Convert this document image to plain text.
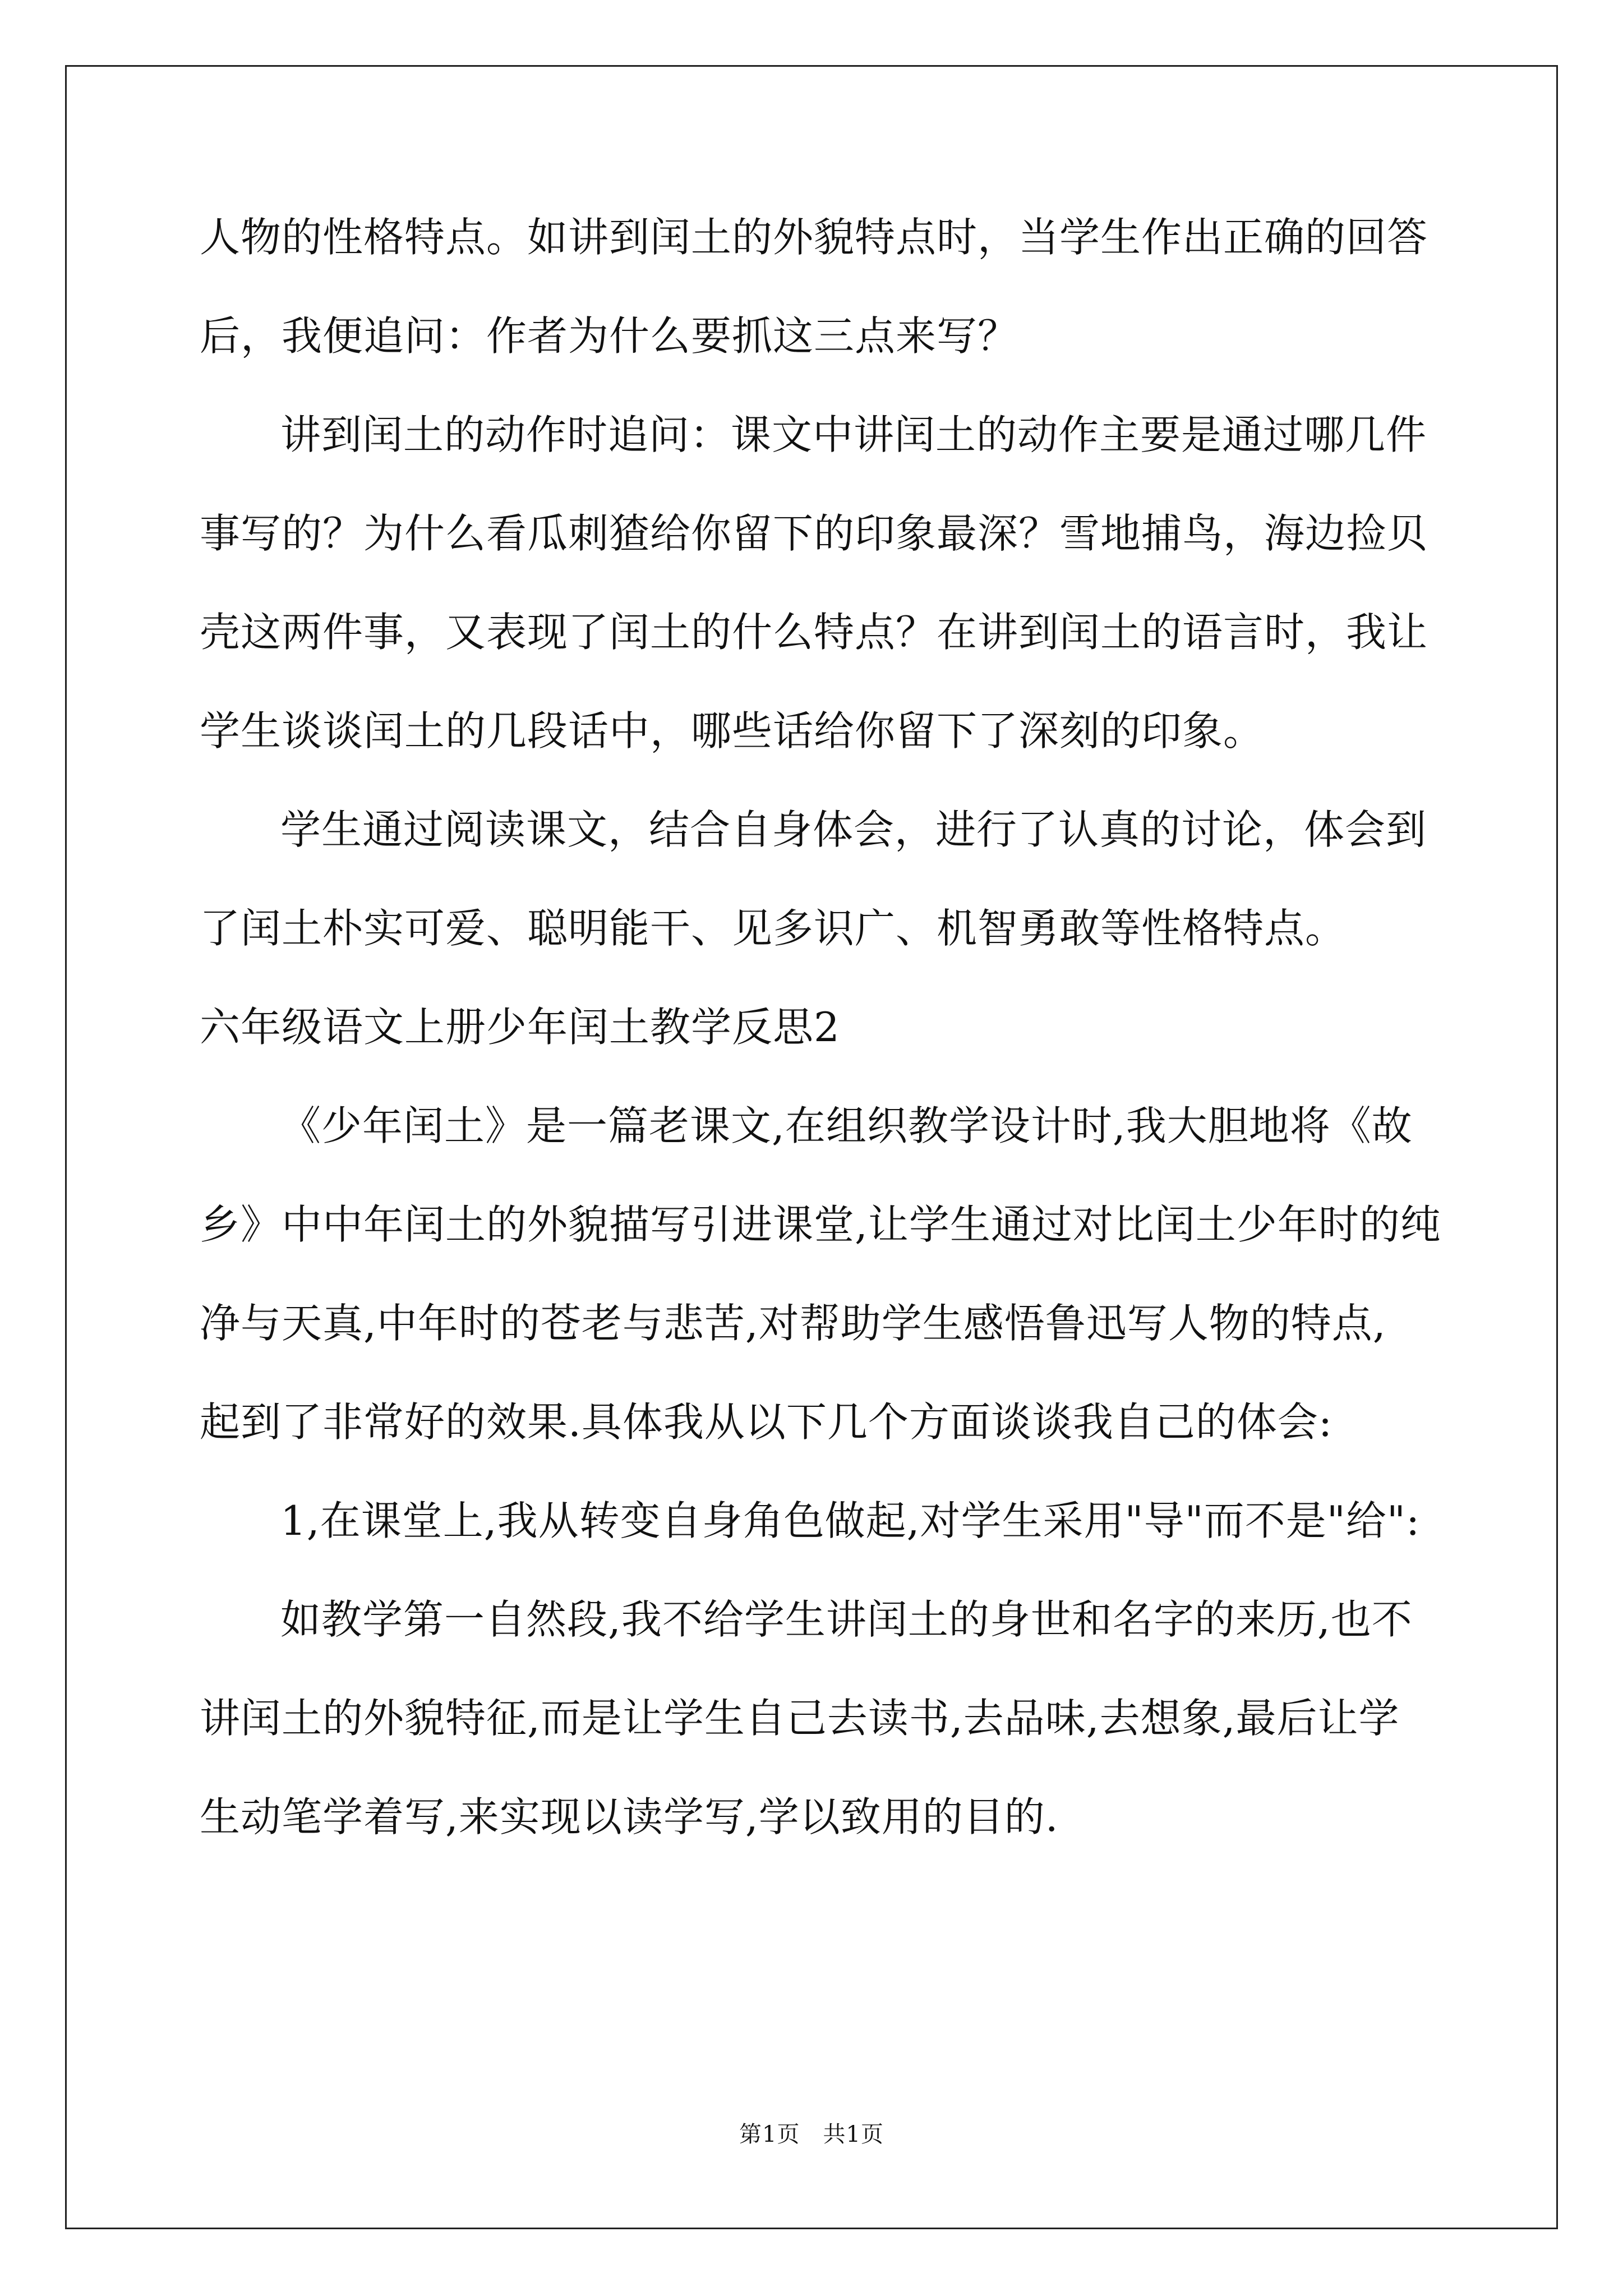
人物的性格特点。如讲到闰土的外貌特点时，当学生作出正确的回答
后，我便追问：作者为什么要抓这三点来写？
讲到闰土的动作时追问：课文中讲闰土的动作主要是通过哪几件
事写的？为什么看瓜刺猹给你留下的印象最深？雪地捕鸟，海边捡贝
壳这两件事，又表现了闰土的什么特点？在讲到闰土的语言时，我让
学生谈谈闰土的几段话中，哪些话给你留下了深刻的印象。
学生通过阅读课文，结合自身体会，进行了认真的讨论，体会到
了闰土朴实可爱、聪明能干、见多识广、机智勇敢等性格特点。
六年级语文上册少年闰土教学反思2
《少年闰土》是一篇老课文,在组织教学设计时,我大胆地将《故
乡》中中年闰土的外貌描写引进课堂,让学生通过对比闰土少年时的纯
净与天真,中年时的苍老与悲苦,对帮助学生感悟鲁迅写人物的特点,
起到了非常好的效果.具体我从以下几个方面谈谈我自己的体会:
1,在课堂上,我从转变自身角色做起,对学生采用"导"而不是"给":
如教学第一自然段,我不给学生讲闰土的身世和名字的来历,也不
讲闰土的外貌特征,而是让学生自己去读书,去品味,去想象,最后让学
生动笔学着写,来实现以读学写,学以致用的目的.
第1页　共1页
